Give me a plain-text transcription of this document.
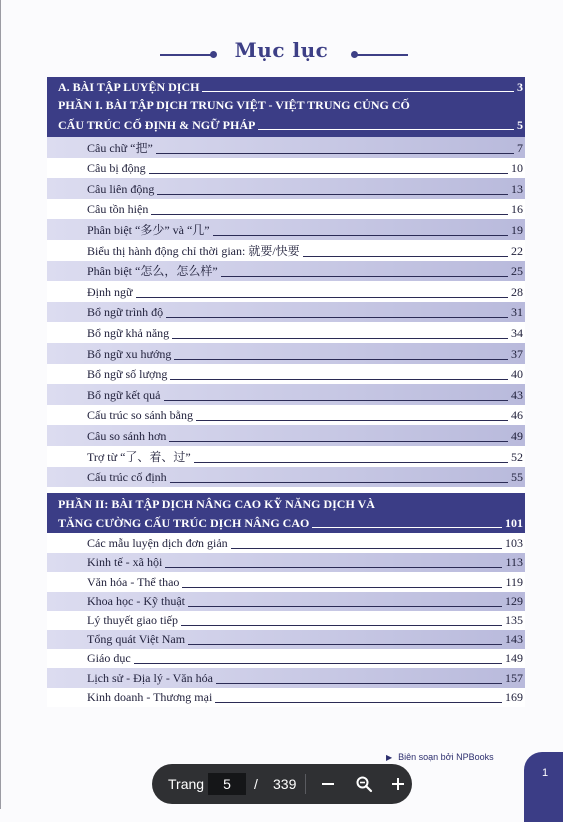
Mục lục
A. BÀI TẬP LUYỆN DỊCH	3
PHẦN I. BÀI TẬP DỊCH TRUNG VIỆT - VIỆT TRUNG CỦNG CỐ
CẤU TRÚC CỐ ĐỊNH & NGỮ PHÁP	5
Câu chữ “把”	7
Câu bị động	10
Câu liên động	13
Câu tồn hiện	16
Phân biệt “多少” và “几”	19
Biểu thị hành động chỉ thời gian: 就要/快要	22
Phân biệt “怎么，怎么样”	25
Định ngữ	28
Bổ ngữ trình độ	31
Bổ ngữ khả năng	34
Bổ ngữ xu hướng	37
Bổ ngữ số lượng	40
Bổ ngữ kết quả	43
Cấu trúc so sánh bằng	46
Câu so sánh hơn	49
Trợ từ “了、着、过”	52
Cấu trúc cố định	55
PHẦN II: BÀI TẬP DỊCH NÂNG CAO KỸ NĂNG DỊCH VÀ
TĂNG CƯỜNG CẤU TRÚC DỊCH NÂNG CAO	101
Các mẫu luyện dịch đơn giản	103
Kinh tế - xã hội	113
Văn hóa - Thể thao	119
Khoa học - Kỹ thuật	129
Lý thuyết giao tiếp	135
Tổng quát Việt Nam	143
Giáo dục	149
Lịch sử - Địa lý - Văn hóa	157
Kinh doanh - Thương mại	169
▶ Biên soạn bởi NPBooks
1
Trang
5	/ 339
